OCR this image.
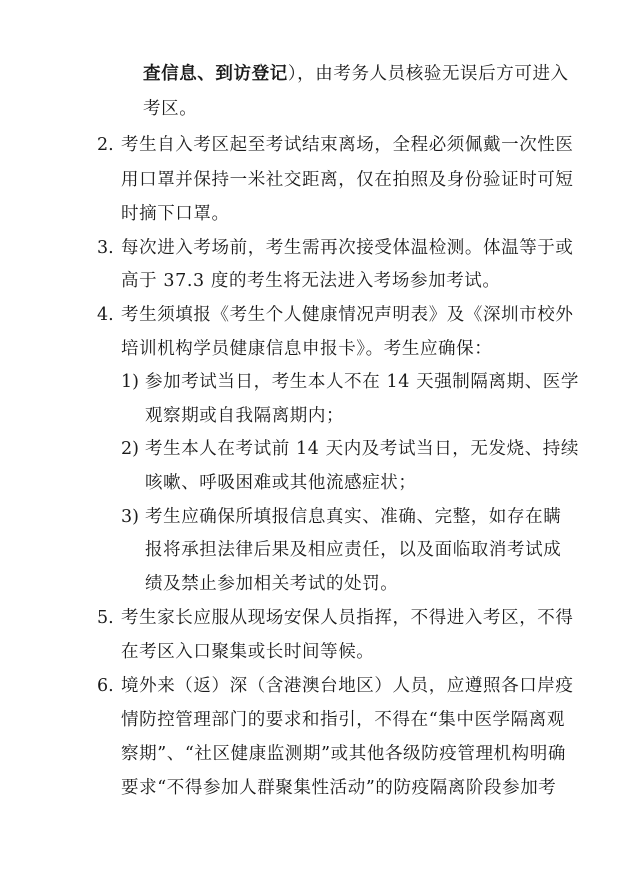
查信息、到访登记），由考务人员核验无误后方可进入
考区。
2. 考生自入考区起至考试结束离场，全程必须佩戴一次性医
用口罩并保持一米社交距离，仅在拍照及身份验证时可短
时摘下口罩。
3. 每次进入考场前，考生需再次接受体温检测。体温等于或
高于 37.3 度的考生将无法进入考场参加考试。
4. 考生须填报《考生个人健康情况声明表》及《深圳市校外
培训机构学员健康信息申报卡》。考生应确保：
1) 参加考试当日，考生本人不在 14 天强制隔离期、医学
观察期或自我隔离期内；
2) 考生本人在考试前 14 天内及考试当日，无发烧、持续
咳嗽、呼吸困难或其他流感症状；
3) 考生应确保所填报信息真实、准确、完整，如存在瞒
报将承担法律后果及相应责任，以及面临取消考试成
绩及禁止参加相关考试的处罚。
5. 考生家长应服从现场安保人员指挥，不得进入考区，不得
在考区入口聚集或长时间等候。
6. 境外来（返）深（含港澳台地区）人员，应遵照各口岸疫
情防控管理部门的要求和指引，不得在“集中医学隔离观
察期”、“社区健康监测期”或其他各级防疫管理机构明确
要求“不得参加人群聚集性活动”的防疫隔离阶段参加考
